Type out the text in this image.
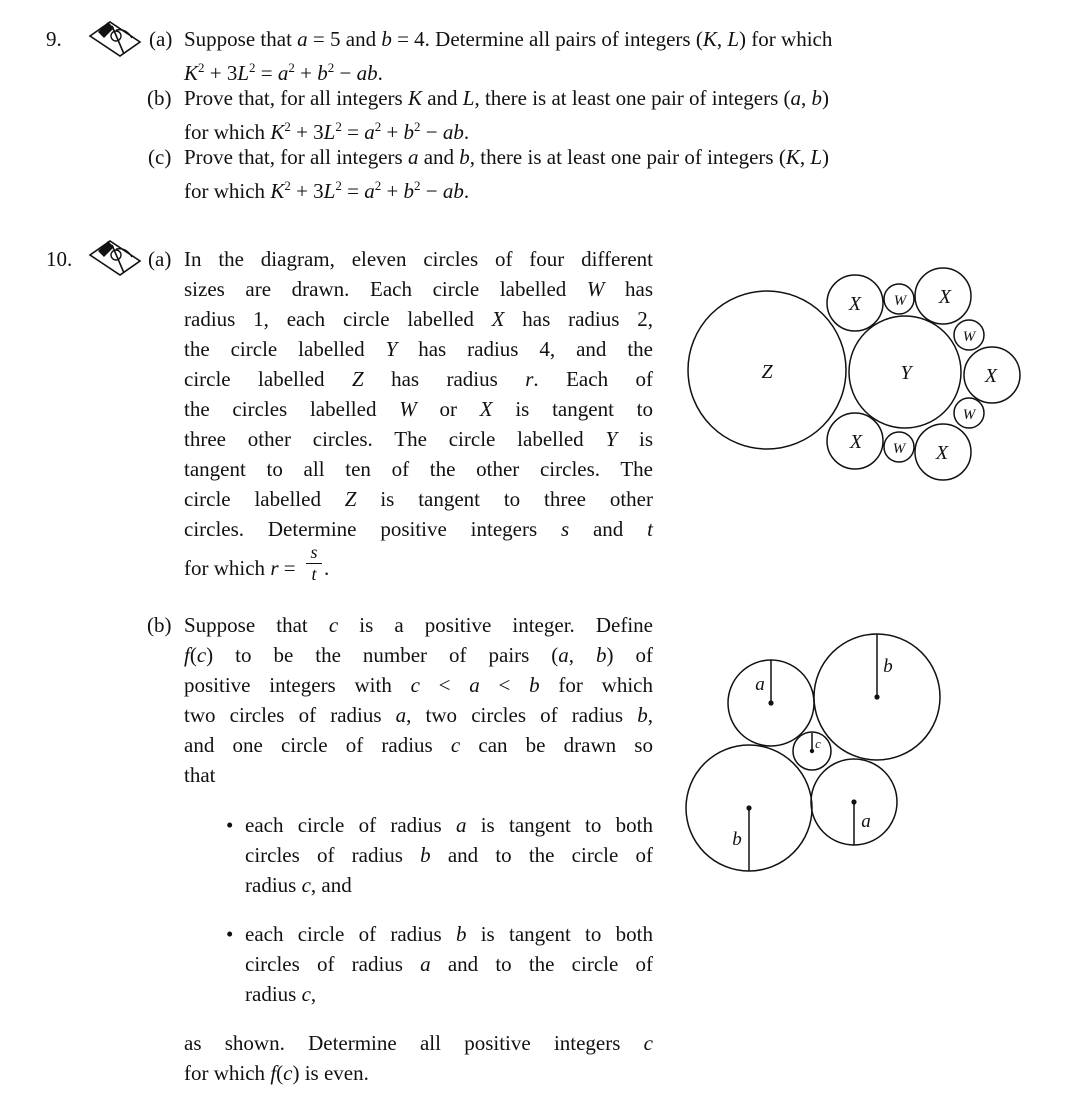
9.	(a) Suppose that a = 5 and b = 4. Determine all pairs of integers (K, L) for which
$K^2 + 3L^2 = a^2 + b^2$ − ab.
(b) Prove that, for all integers K and L, there is at least one pair of integers (a, b)
for which $K^2 + 3L^2 = a^2 + b^2$ − ab.
(c) Prove that, for all integers a and b, there is at least one pair of integers (K, L)
for which $K^2 + 3L^2 = a^2 + b^2$ − ab.
10.	(a) In the diagram, eleven circles of four different
sizes are drawn. Each circle labelled W has
radius 1, each circle labelled X has radius 2,
the circle labelled Y has radius 4, and the
circle labelled Z has radius r. Each of
the circles labelled W or X is tangent to
three other circles. The circle labelled Y is
tangent to all ten of the other circles. The
circle labelled Z is tangent to three other
circles. Determine positive integers s and t
for which $r = \frac{s}{t}$ .
(b) Suppose that c is a positive integer. Define
f(c) to be the number of pairs (a, b) of
positive integers with c < a < b for which
two circles of radius a, two circles of radius b,
and one circle of radius c can be drawn so
that
• each circle of radius a is tangent to both
circles of radius b and to the circle of
radius c, and
• each circle of radius b is tangent to both
circles of radius a and to the circle of
radius c,
as shown. Determine all positive integers c
for which f(c) is even.
Z	Y
X	X
X
X	X
W
W
W
W
a
b
b
a
c
